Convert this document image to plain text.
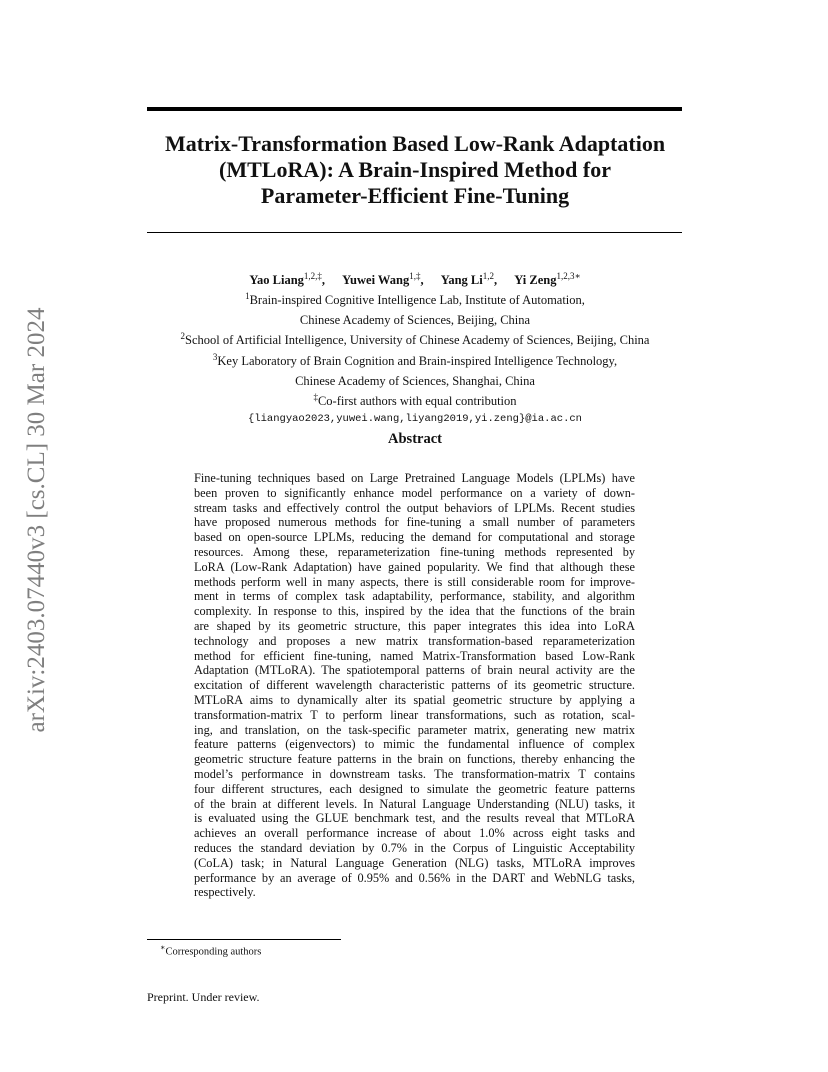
arXiv:2403.07440v3 [cs.CL] 30 Mar 2024
Matrix-Transformation Based Low-Rank Adaptation
(MTLoRA): A Brain-Inspired Method for
Parameter-Efficient Fine-Tuning
Yao Liang$^{1,2,\ddagger}$, Yuwei Wang$^{1,\ddagger}$, Yang Li$^{1,2}$, Yi Zeng$^{1,2,3∗}$
$^1$Brain-inspired Cognitive Intelligence Lab, Institute of Automation,
Chinese Academy of Sciences, Beijing, China
$^2$School of Artificial Intelligence, University of Chinese Academy of Sciences, Beijing, China
$^3$Key Laboratory of Brain Cognition and Brain-inspired Intelligence Technology,
Chinese Academy of Sciences, Shanghai, China
‡Co-first authors with equal contribution
{liangyao2023,yuwei.wang,liyang2019,yi.zeng}@ia.ac.cn
Abstract
Fine-tuning techniques based on Large Pretrained Language Models (LPLMs) have
been proven to significantly enhance model performance on a variety of down-
stream tasks and effectively control the output behaviors of LPLMs. Recent studies
have proposed numerous methods for fine-tuning a small number of parameters
based on open-source LPLMs, reducing the demand for computational and storage
resources. Among these, reparameterization fine-tuning methods represented by
LoRA (Low-Rank Adaptation) have gained popularity. We find that although these
methods perform well in many aspects, there is still considerable room for improve-
ment in terms of complex task adaptability, performance, stability, and algorithm
complexity. In response to this, inspired by the idea that the functions of the brain
are shaped by its geometric structure, this paper integrates this idea into LoRA
technology and proposes a new matrix transformation-based reparameterization
method for efficient fine-tuning, named Matrix-Transformation based Low-Rank
Adaptation (MTLoRA). The spatiotemporal patterns of brain neural activity are the
excitation of different wavelength characteristic patterns of its geometric structure.
MTLoRA aims to dynamically alter its spatial geometric structure by applying a
transformation-matrix T to perform linear transformations, such as rotation, scal-
ing, and translation, on the task-specific parameter matrix, generating new matrix
feature patterns (eigenvectors) to mimic the fundamental influence of complex
geometric structure feature patterns in the brain on functions, thereby enhancing the
model’s performance in downstream tasks. The transformation-matrix T contains
four different structures, each designed to simulate the geometric feature patterns
of the brain at different levels. In Natural Language Understanding (NLU) tasks, it
is evaluated using the GLUE benchmark test, and the results reveal that MTLoRA
achieves an overall performance increase of about 1.0% across eight tasks and
reduces the standard deviation by 0.7% in the Corpus of Linguistic Acceptability
(CoLA) task; in Natural Language Generation (NLG) tasks, MTLoRA improves
performance by an average of 0.95% and 0.56% in the DART and WebNLG tasks,
respectively.
∗Corresponding authors
Preprint. Under review.
